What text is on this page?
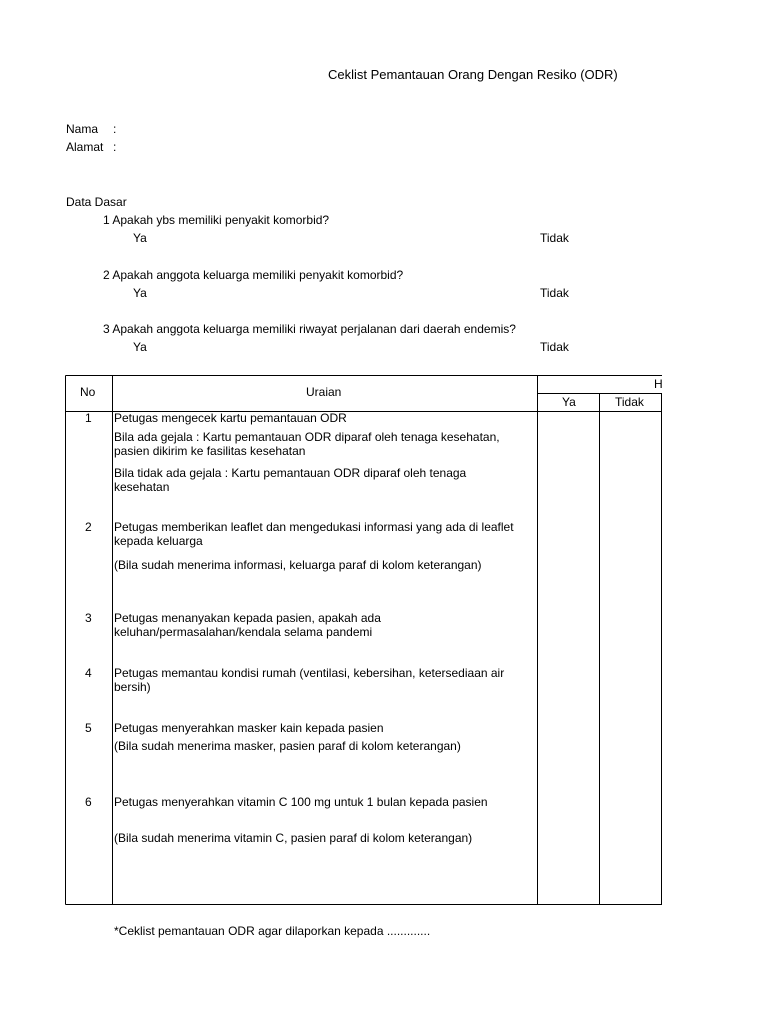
Ceklist Pemantauan Orang Dengan Resiko (ODR)
Nama :
Alamat :
Data Dasar
1 Apakah ybs memiliki penyakit komorbid?
Ya	Tidak
2 Apakah anggota keluarga memiliki penyakit komorbid?
Ya	Tidak
3 Apakah anggota keluarga memiliki riwayat perjalanan dari daerah endemis?
Ya	Tidak
No	Uraian
H
Ya	Tidak
1 Petugas mengecek kartu pemantauan ODR
Bila ada gejala : Kartu pemantauan ODR diparaf oleh tenaga kesehatan, pasien dikirim ke fasilitas kesehatan
Bila tidak ada gejala : Kartu pemantauan ODR diparaf oleh tenaga kesehatan
2 Petugas memberikan leaflet dan mengedukasi informasi yang ada di leaflet kepada keluarga
(Bila sudah menerima informasi, keluarga paraf di kolom keterangan)
3 Petugas menanyakan kepada pasien, apakah ada keluhan/permasalahan/kendala selama pandemi
4 Petugas memantau kondisi rumah (ventilasi, kebersihan, ketersediaan air bersih)
5 Petugas menyerahkan masker kain kepada pasien
(Bila sudah menerima masker, pasien paraf di kolom keterangan)
6 Petugas menyerahkan vitamin C 100 mg untuk 1 bulan kepada pasien
(Bila sudah menerima vitamin C, pasien paraf di kolom keterangan)
*Ceklist pemantauan ODR agar dilaporkan kepada .............
